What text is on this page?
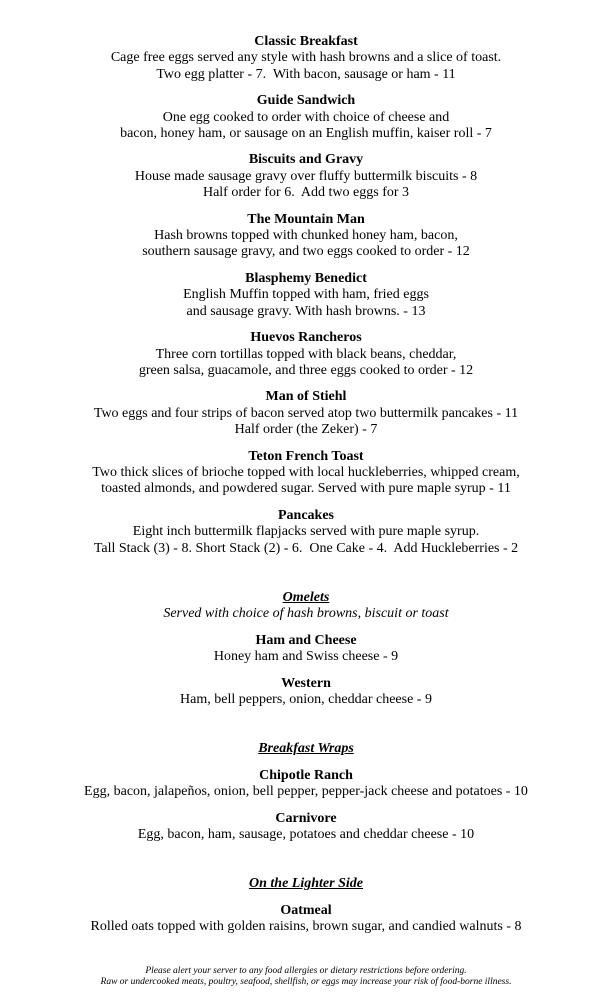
Classic Breakfast
Cage free eggs served any style with hash browns and a slice of toast.
Two egg platter - 7.  With bacon, sausage or ham - 11
Guide Sandwich
One egg cooked to order with choice of cheese and
bacon, honey ham, or sausage on an English muffin, kaiser roll - 7
Biscuits and Gravy
House made sausage gravy over fluffy buttermilk biscuits - 8
Half order for 6.  Add two eggs for 3
The Mountain Man
Hash browns topped with chunked honey ham, bacon,
southern sausage gravy, and two eggs cooked to order - 12
Blasphemy Benedict
English Muffin topped with ham, fried eggs
and sausage gravy. With hash browns. - 13
Huevos Rancheros
Three corn tortillas topped with black beans, cheddar,
green salsa, guacamole, and three eggs cooked to order - 12
Man of Stiehl
Two eggs and four strips of bacon served atop two buttermilk pancakes - 11
Half order (the Zeker) - 7
Teton French Toast
Two thick slices of brioche topped with local huckleberries, whipped cream,
toasted almonds, and powdered sugar. Served with pure maple syrup - 11
Pancakes
Eight inch buttermilk flapjacks served with pure maple syrup.
Tall Stack (3) - 8. Short Stack (2) - 6.  One Cake - 4.  Add Huckleberries - 2
Omelets
Served with choice of hash browns, biscuit or toast
Ham and Cheese
Honey ham and Swiss cheese - 9
Western
Ham, bell peppers, onion, cheddar cheese - 9
Breakfast Wraps
Chipotle Ranch
Egg, bacon, jalapeños, onion, bell pepper, pepper-jack cheese and potatoes - 10
Carnivore
Egg, bacon, ham, sausage, potatoes and cheddar cheese - 10
On the Lighter Side
Oatmeal
Rolled oats topped with golden raisins, brown sugar, and candied walnuts - 8
Please alert your server to any food allergies or dietary restrictions before ordering.
Raw or undercooked meats, poultry, seafood, shellfish, or eggs may increase your risk of food-borne illness.
